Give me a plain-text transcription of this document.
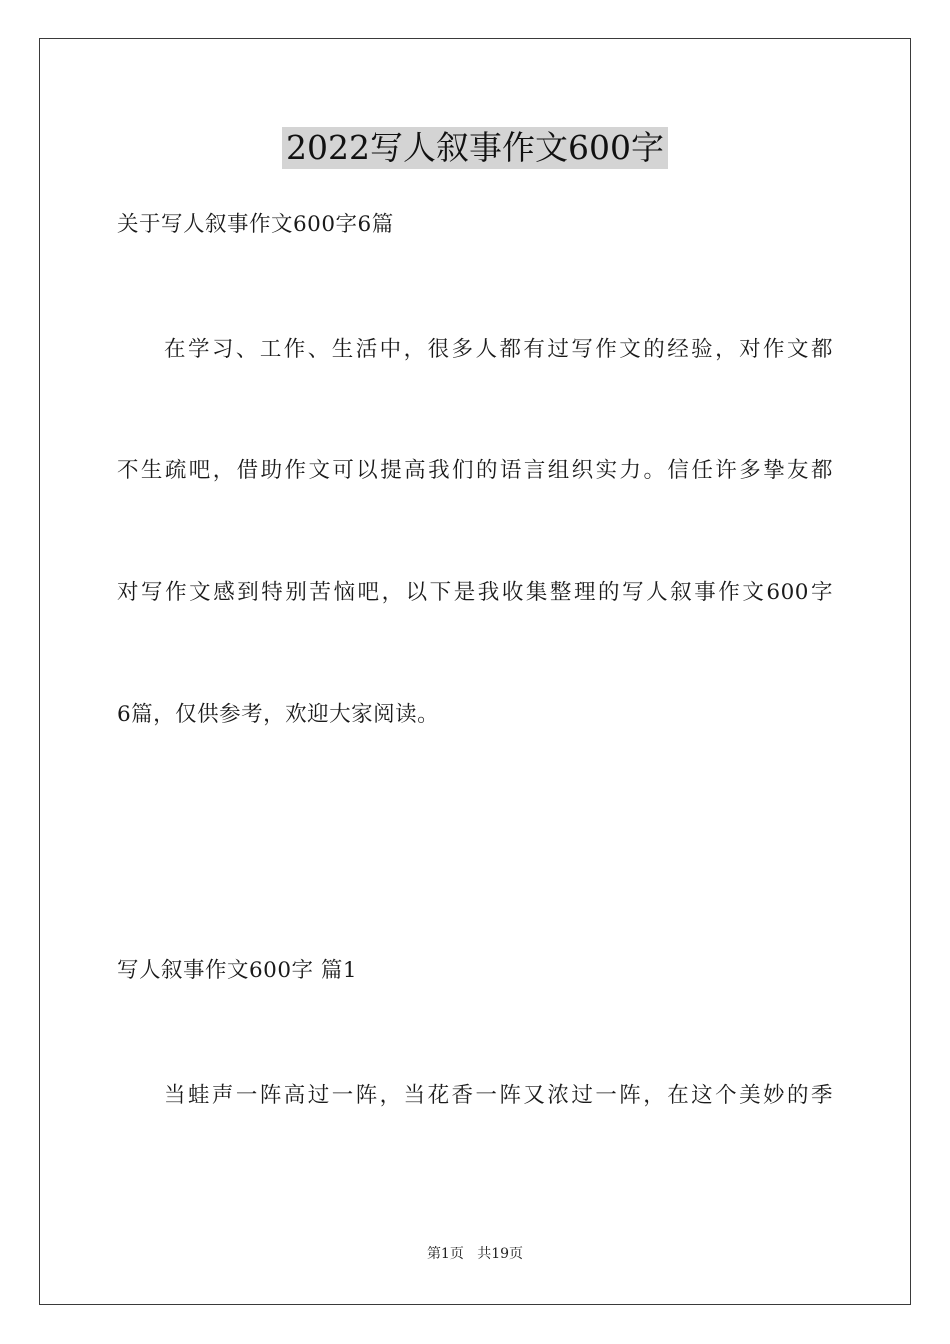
2022写人叙事作文600字
关于写人叙事作文600字6篇
在学习、工作、生活中，很多人都有过写作文的经验，对作文都
不生疏吧，借助作文可以提高我们的语言组织实力。信任许多挚友都
对写作文感到特别苦恼吧，以下是我收集整理的写人叙事作文600字
6篇，仅供参考，欢迎大家阅读。
写人叙事作文600字 篇1
当蛙声一阵高过一阵，当花香一阵又浓过一阵，在这个美妙的季
第1页 共19页
